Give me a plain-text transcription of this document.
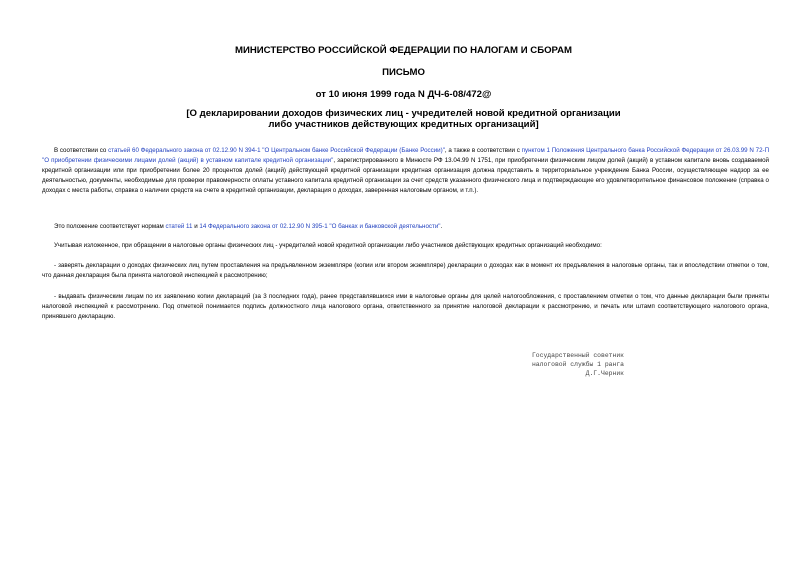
МИНИСТЕРСТВО РОССИЙСКОЙ ФЕДЕРАЦИИ ПО НАЛОГАМ И СБОРАМ
ПИСЬМО
от 10 июня 1999 года N ДЧ-6-08/472@
[О декларировании доходов физических лиц - учредителей новой кредитной организации
либо участников действующих кредитных организаций]

В соответствии со статьей 60 Федерального закона от 02.12.90 N 394-1 "О Центральном банке Российской Федерации (Банке России)", а также в соответствии с пунктом 1 Положения Центрального банка Российской Федерации от 26.03.99 N 72-П "О приобретении физическими лицами долей (акций) в уставном капитале кредитной организации", зарегистрированного в Минюсте РФ 13.04.99 N 1751, при приобретении физическим лицом долей (акций) в уставном капитале вновь создаваемой кредитной организации или при приобретении более 20 процентов долей (акций) действующей кредитной организации кредитная организация должна представить в территориальное учреждение Банка России, осуществляющее надзор за ее деятельностью, документы, необходимые для проверки правомерности оплаты уставного капитала кредитной организации за счет средств указанного физического лица и подтверждающие его удовлетворительное финансовое положение (справка о доходах с места работы, справка о наличии средств на счете в кредитной организации, декларация о доходах, заверенная налоговым органом, и т.п.).

Это положение соответствует нормам статей 11 и 14 Федерального закона от 02.12.90 N 395-1 "О банках и банковской деятельности".

Учитывая изложенное, при обращении в налоговые органы физических лиц - учредителей новой кредитной организации либо участников действующих кредитных организаций необходимо:

- заверять декларации о доходах физических лиц путем проставления на предъявленном экземпляре (копии или втором экземпляре) декларации о доходах как в момент их предъявления в налоговые органы, так и впоследствии отметки о том, что данная декларация была принята налоговой инспекцией к рассмотрению;

- выдавать физическим лицам по их заявлению копии деклараций (за 3 последних года), ранее представлявшихся ими в налоговые органы для целей налогообложения, с проставлением отметки о том, что данные декларации были приняты налоговой инспекцией к рассмотрению. Под отметкой понимается подпись должностного лица налогового органа, ответственного за принятие налоговой декларации к рассмотрению, и печать или штамп соответствующего налогового органа, принявшего декларацию.

Государственный советник
налоговой службы 1 ранга
Д.Г.Черник
